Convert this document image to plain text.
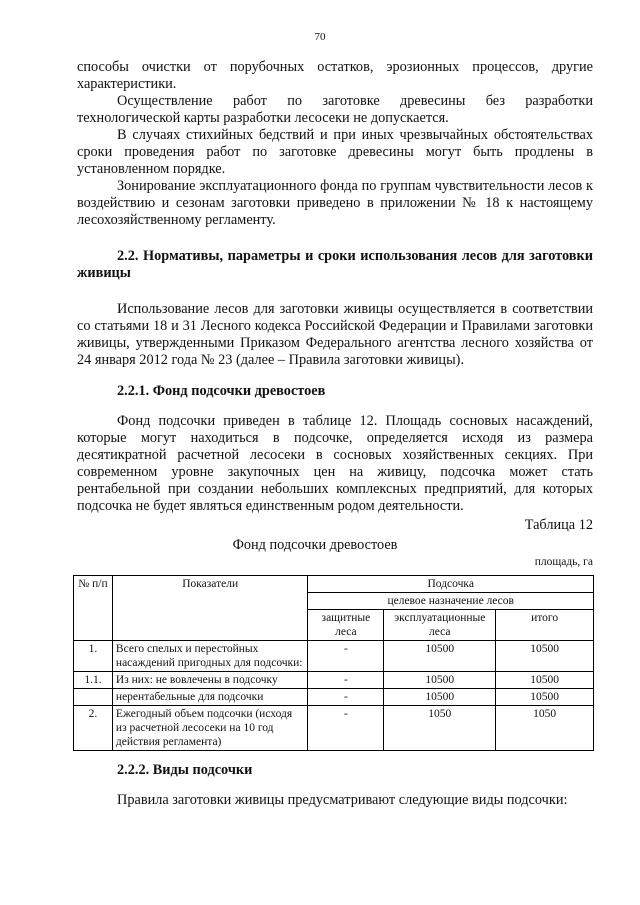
70

способы очистки от порубочных остатков, эрозионных процессов, другие характеристики.

Осуществление работ по заготовке древесины без разработки технологической карты разработки лесосеки не допускается.

В случаях стихийных бедствий и при иных чрезвычайных обстоятельствах сроки проведения работ по заготовке древесины могут быть продлены в установленном порядке.

Зонирование эксплуатационного фонда по группам чувствительности лесов к воздействию и сезонам заготовки приведено в приложении № 18 к настоящему лесохозяйственному регламенту.

2.2. Нормативы, параметры и сроки использования лесов для заготовки живицы

Использование лесов для заготовки живицы осуществляется в соответствии со статьями 18 и 31 Лесного кодекса Российской Федерации и Правилами заготовки живицы, утвержденными Приказом Федерального агентства лесного хозяйства от 24 января 2012 года № 23 (далее – Правила заготовки живицы).

2.2.1. Фонд подсочки древостоев

Фонд подсочки приведен в таблице 12. Площадь сосновых насаждений, которые могут находиться в подсочке, определяется исходя из размера десятикратной расчетной лесосеки в сосновых хозяйственных секциях. При современном уровне закупочных цен на живицу, подсочка может стать рентабельной при создании небольших комплексных предприятий, для которых подсочка не будет являться единственным родом деятельности.

Таблица 12
Фонд подсочки древостоев
площадь, га
№ п/п	Показатели	Подсочка		
		целевое назначение лесов		
		защитные леса	эксплуатационные леса	итого
1.	Всего спелых и перестойных насаждений пригодных для подсочки:	-	10500	10500
1.1.	Из них: не вовлечены в подсочку	-	10500	10500
	нерентабельные для подсочки	-	10500	10500
2.	Ежегодный объем подсочки (исходя из расчетной лесосеки на 10 год действия регламента)	-	1050	1050
2.2.2. Виды подсочки

Правила заготовки живицы предусматривают следующие виды подсочки:
